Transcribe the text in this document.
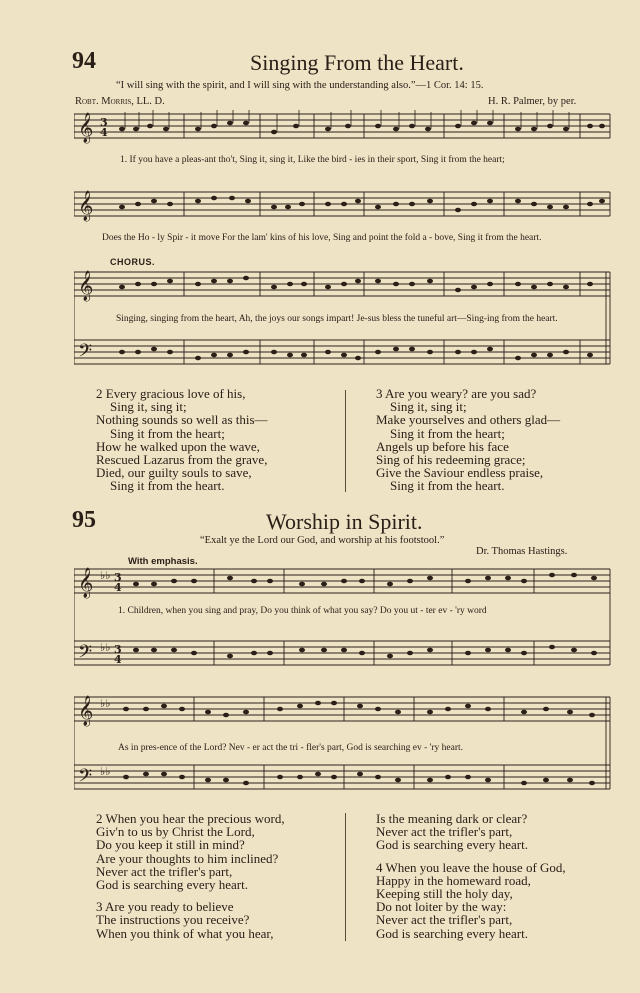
94	Singing From the Heart.
“I will sing with the spirit, and I will sing with the understanding also.”—1 Cor. 14: 15.
Robt. Morris, LL. D.	H. R. Palmer, by per.
𝄞 3
4
1. If you have a pleas-ant tho't, Sing it, sing it, Like the bird - ies in their sport, Sing it from the heart;
𝄞
Does the Ho - ly Spir - it move For the lam' kins of his love, Sing and point the fold a - bove, Sing it from the heart.
CHORUS.
𝄞
𝄢
Singing, singing from the heart, Ah, the joys our songs impart! Je-sus bless the tuneful art—Sing-ing from the heart.
2 Every gracious love of his,
Sing it, sing it;
Nothing sounds so well as this—
Sing it from the heart;
How he walked upon the wave,
Rescued Lazarus from the grave,
Died, our guilty souls to save,
Sing it from the heart.
3 Are you weary? are you sad?
Sing it, sing it;
Make yourselves and others glad—
Sing it from the heart;
Angels up before his face
Sing of his redeeming grace;
Give the Saviour endless praise,
Sing it from the heart.
95	Worship in Spirit.
“Exalt ye the Lord our God, and worship at his footstool.”
Dr. Thomas Hastings.
With emphasis.
𝄞
𝄢
♭♭ 3
4
♭♭ 3
4
1. Children, when you sing and pray, Do you think of what you say? Do you ut - ter ev - 'ry word
𝄞
𝄢
♭♭
♭♭
As in pres-ence of the Lord? Nev - er act the tri - fler's part, God is searching ev - 'ry heart.
2 When you hear the precious word,
Giv'n to us by Christ the Lord,
Do you keep it still in mind?
Are your thoughts to him inclined?
Never act the trifler's part,
God is searching every heart.
3 Are you ready to believe
The instructions you receive?
When you think of what you hear,
Is the meaning dark or clear?
Never act the trifler's part,
God is searching every heart.
4 When you leave the house of God,
Happy in the homeward road,
Keeping still the holy day,
Do not loiter by the way:
Never act the trifler's part,
God is searching every heart.
